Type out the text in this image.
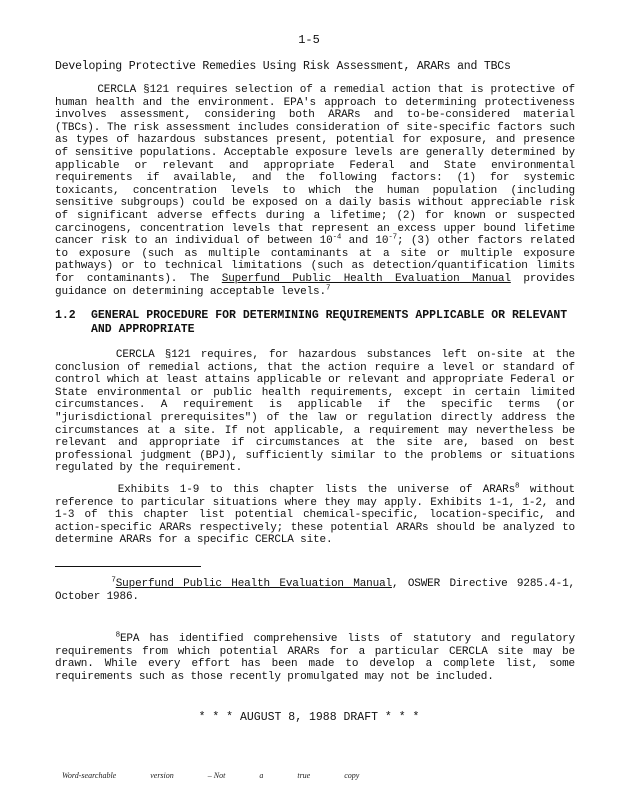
1-5
Developing Protective Remedies Using Risk Assessment, ARARs and TBCs

CERCLA §121 requires selection of a remedial action that is protective of human health and the environment. EPA's approach to determining protectiveness involves assessment, considering both ARARs and to-be-considered material (TBCs). The risk assessment includes consideration of site-specific factors such as types of hazardous substances present, potential for exposure, and presence of sensitive populations. Acceptable exposure levels are generally determined by applicable or relevant and appropriate Federal and State environmental requirements if available, and the following factors: (1) for systemic toxicants, concentration levels to which the human population (including sensitive subgroups) could be exposed on a daily basis without appreciable risk of significant adverse effects during a lifetime; (2) for known or suspected carcinogens, concentration levels that represent an excess upper bound lifetime cancer risk to an individual of between $10^{-4}$ and $10^{-7}$; (3) other factors related to exposure (such as multiple contaminants at a site or multiple exposure pathways) or to technical limitations (such as detection/quantification limits for contaminants). The Superfund Public Health Evaluation Manual provides guidance on determining acceptable levels.$^7$

1.2	GENERAL PROCEDURE FOR DETERMINING REQUIREMENTS APPLICABLE OR RELEVANT AND APPROPRIATE

CERCLA §121 requires, for hazardous substances left on-site at the conclusion of remedial actions, that the action require a level or standard of control which at least attains applicable or relevant and appropriate Federal or State environmental or public health requirements, except in certain limited circumstances. A requirement is applicable if the specific terms (or "jurisdictional prerequisites") of the law or regulation directly address the circumstances at a site. If not applicable, a requirement may nevertheless be relevant and appropriate if circumstances at the site are, based on best professional judgment (BPJ), sufficiently similar to the problems or situations regulated by the requirement.

Exhibits 1-9 to this chapter lists the universe of ARARs$^8$ without reference to particular situations where they may apply. Exhibits 1-1, 1-2, and 1-3 of this chapter list potential chemical-specific, location-specific, and action-specific ARARs respectively; these potential ARARs should be analyzed to determine ARARs for a specific CERCLA site.

$^7$Superfund Public Health Evaluation Manual, OSWER Directive 9285.4-1, October 1986.

$^8$EPA has identified comprehensive lists of statutory and regulatory requirements from which potential ARARs for a particular CERCLA site may be drawn. While every effort has been made to develop a complete list, some requirements such as those recently promulgated may not be included.

* * * AUGUST 8, 1988 DRAFT * * *
Word-searchable	version	– Not	a	true	copy
